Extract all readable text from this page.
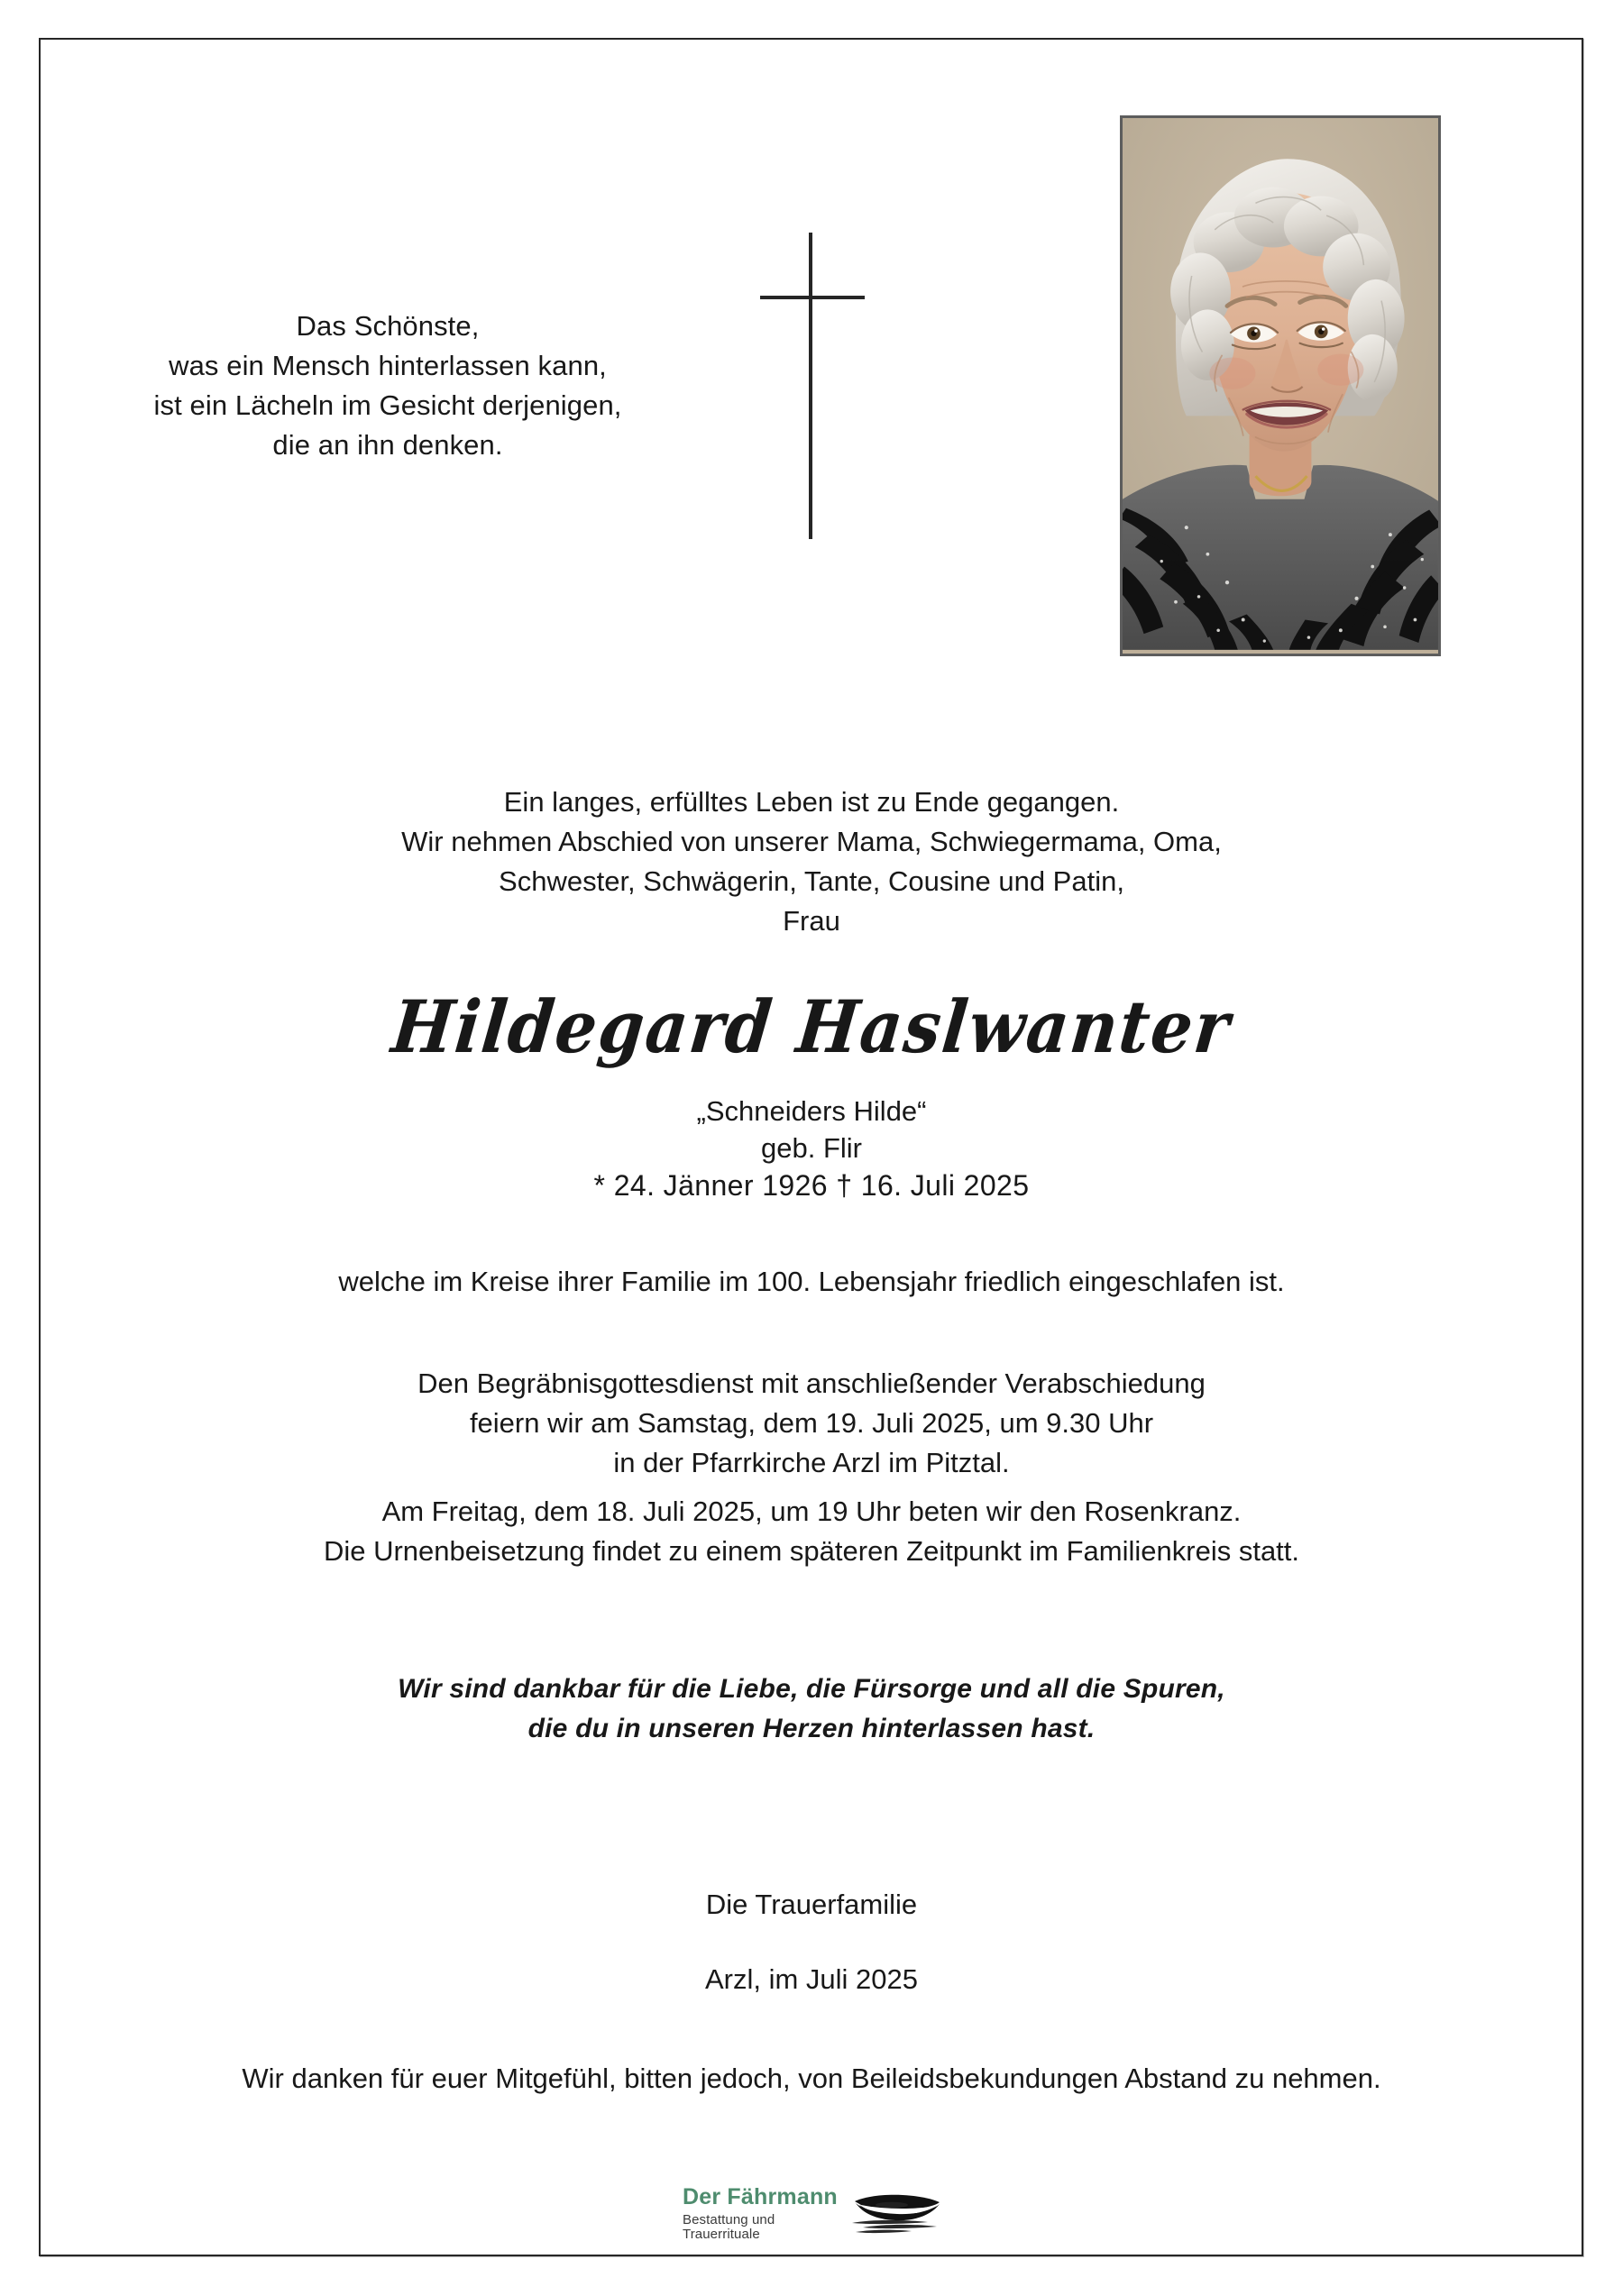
Das Schönste,
was ein Mensch hinterlassen kann,
ist ein Lächeln im Gesicht derjenigen,
die an ihn denken.
Ein langes, erfülltes Leben ist zu Ende gegangen.
Wir nehmen Abschied von unserer Mama, Schwiegermama, Oma,
Schwester, Schwägerin, Tante, Cousine und Patin,
Frau
Hildegard Haslwanter
„Schneiders Hilde“
geb. Flir
* 24. Jänner 1926 † 16. Juli 2025
welche im Kreise ihrer Familie im 100. Lebensjahr friedlich eingeschlafen ist.
Den Begräbnisgottesdienst mit anschließender Verabschiedung
feiern wir am Samstag, dem 19. Juli 2025, um 9.30 Uhr
in der Pfarrkirche Arzl im Pitztal.
Am Freitag, dem 18. Juli 2025, um 19 Uhr beten wir den Rosenkranz.
Die Urnenbeisetzung findet zu einem späteren Zeitpunkt im Familienkreis statt.
Wir sind dankbar für die Liebe, die Fürsorge und all die Spuren,
die du in unseren Herzen hinterlassen hast.
Die Trauerfamilie
Arzl, im Juli 2025
Wir danken für euer Mitgefühl, bitten jedoch, von Beileidsbekundungen Abstand zu nehmen.
Der Fährmann
Bestattung und Trauerrituale
